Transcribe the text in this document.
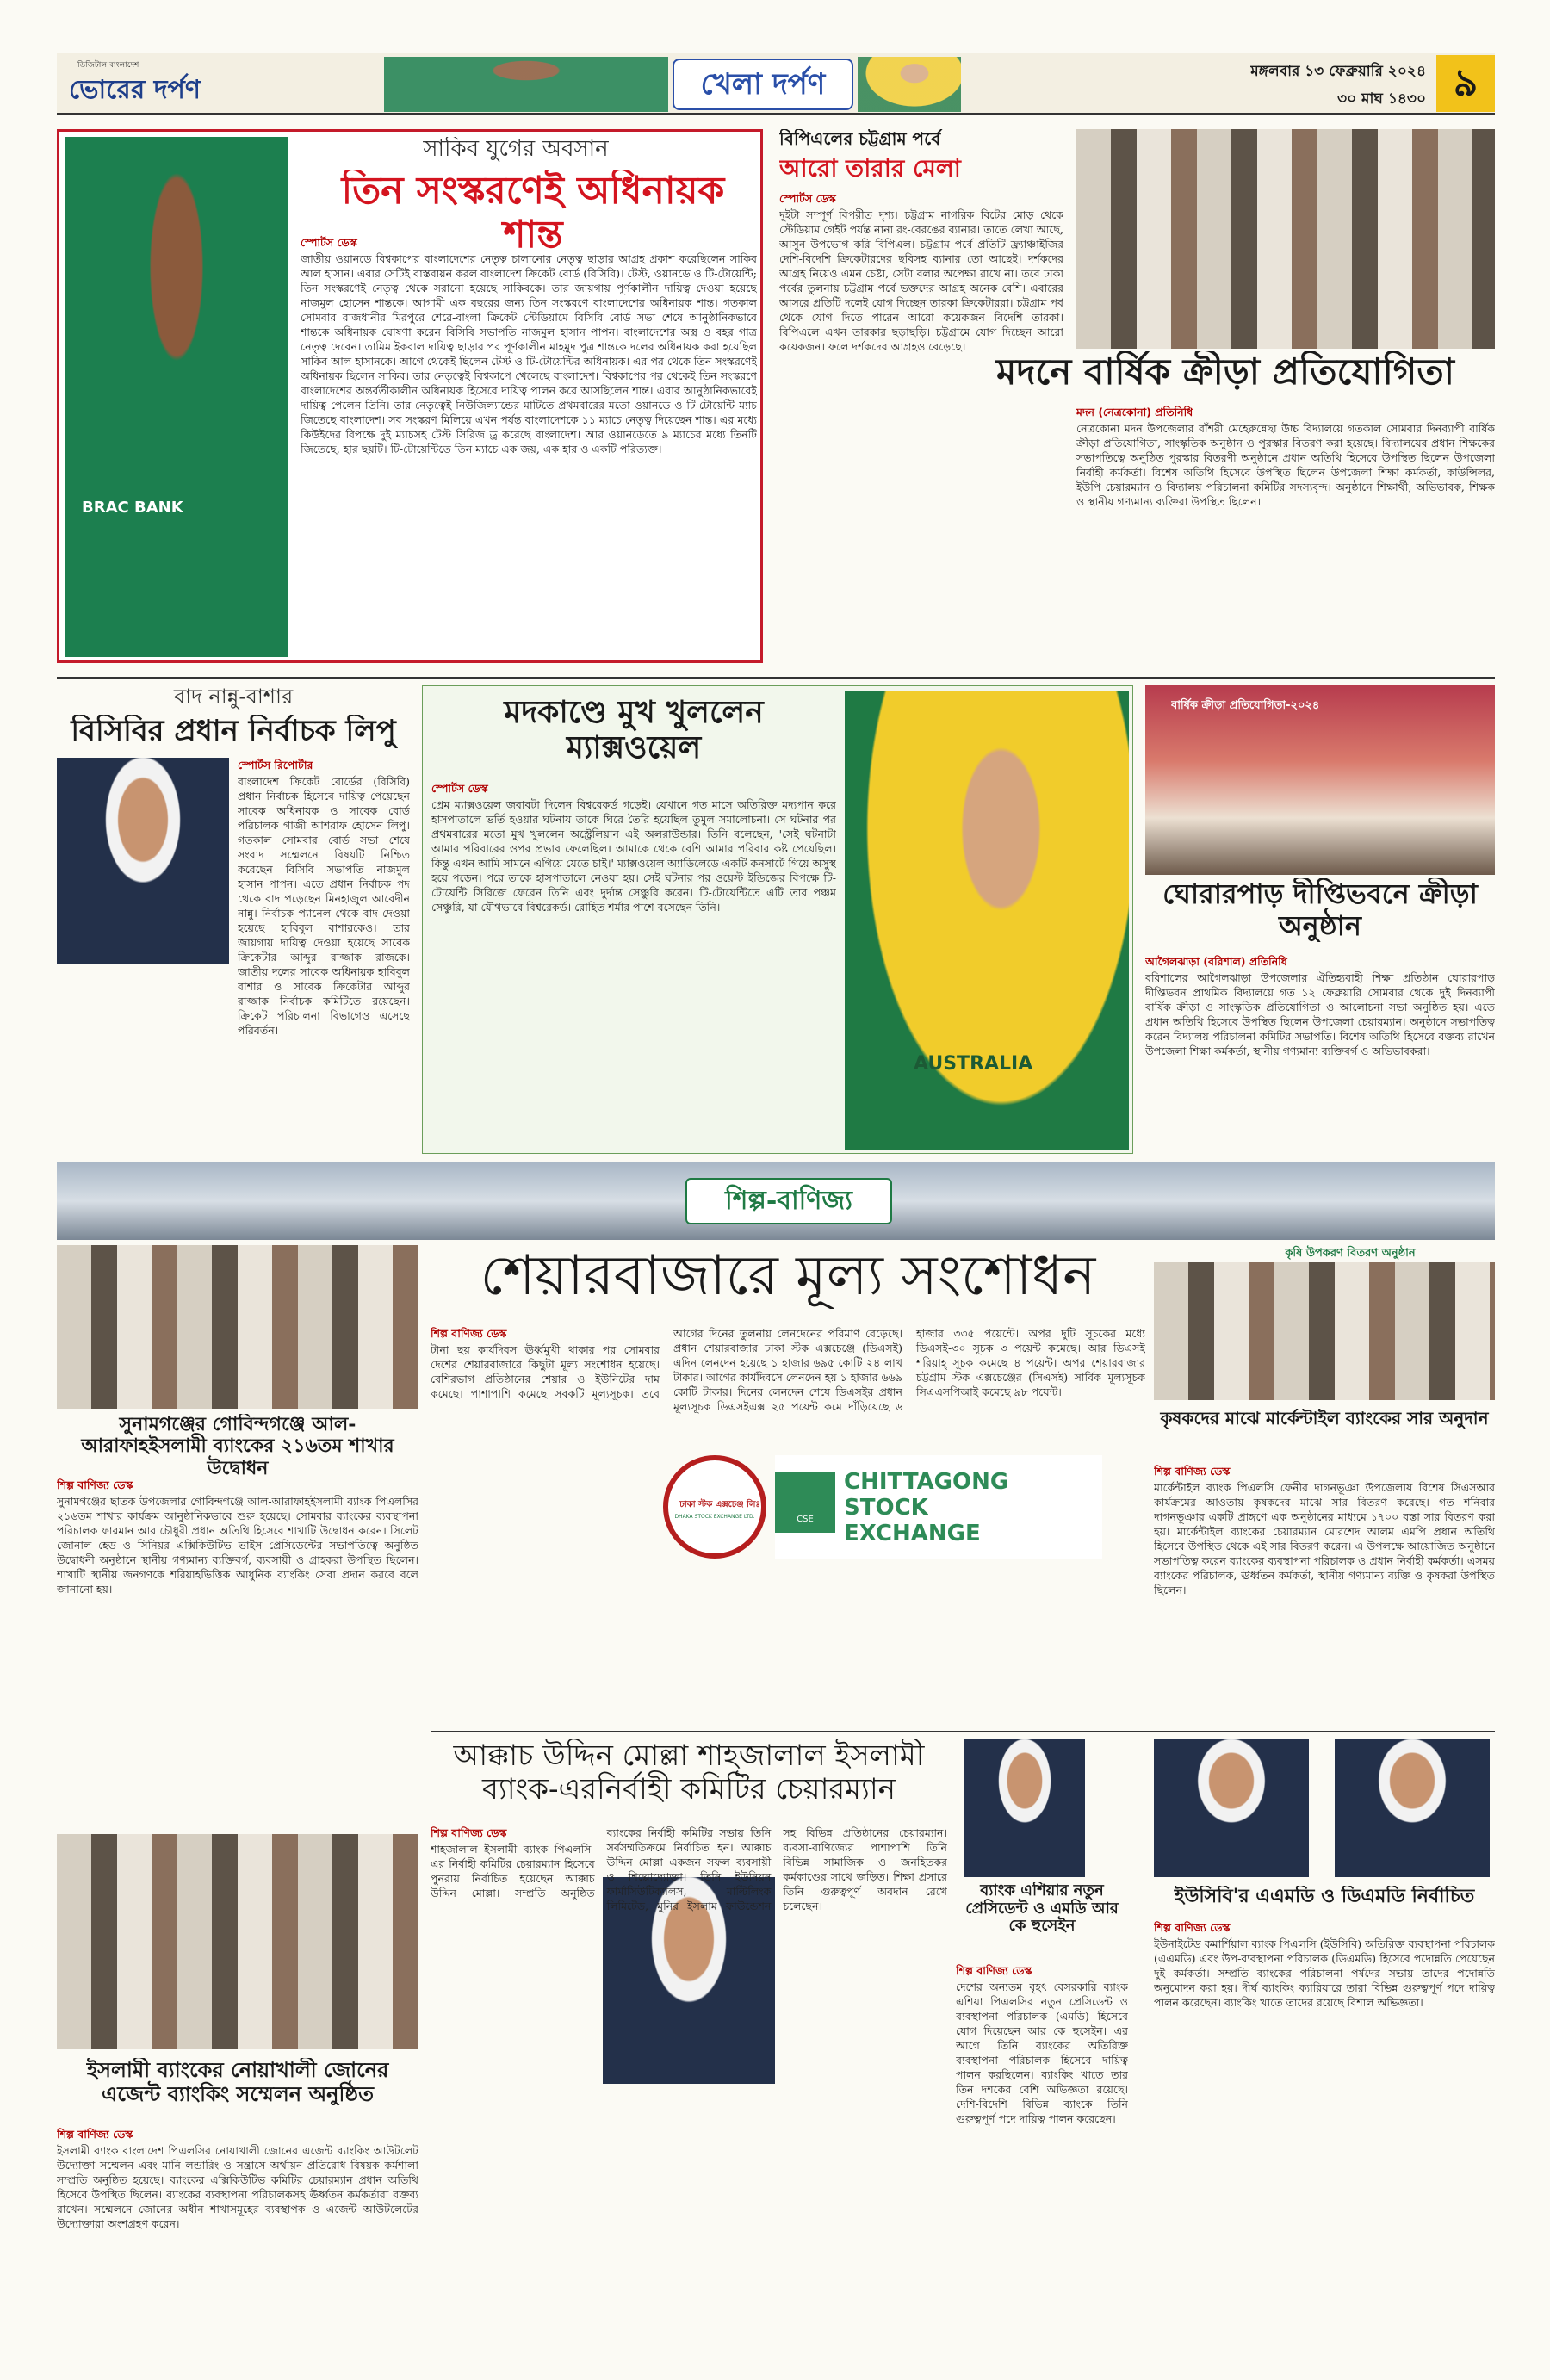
ডিজিটাল বাংলাদেশ
ভোরের দর্পণ	খেলা দর্পণ	মঙ্গলবার ১৩ ফেব্রুয়ারি ২০২৪
৩০ মাঘ ১৪৩০ ৯
BRAC BANK
সাকিব যুগের অবসান
তিন সংস্করণেই অধিনায়ক শান্ত
স্পোর্টস ডেস্ক
জাতীয় ওয়ানডে বিশ্বকাপের বাংলাদেশের নেতৃত্ব চালানোর নেতৃত্ব ছাড়ার আগ্রহ প্রকাশ করেছিলেন সাকিব আল হাসান। এবার সেটিই বাস্তবায়ন করল বাংলাদেশ ক্রিকেট বোর্ড (বিসিবি)। টেস্ট, ওয়ানডে ও টি-টোয়েন্টি; তিন সংস্করণেই নেতৃত্ব থেকে সরানো হয়েছে সাকিবকে। তার জায়গায় পূর্ণকালীন দায়িত্ব দেওয়া হয়েছে নাজমুল হোসেন শান্তকে। আগামী এক বছরের জন্য তিন সংস্করণে বাংলাদেশের অধিনায়ক শান্ত। গতকাল সোমবার রাজধানীর মিরপুরে শেরে-বাংলা ক্রিকেট স্টেডিয়ামে বিসিবি বোর্ড সভা শেষে আনুষ্ঠানিকভাবে শান্তকে অধিনায়ক ঘোষণা করেন বিসিবি সভাপতি নাজমুল হাসান পাপন। বাংলাদেশের অস্ত্র ও বহর গাত্র নেতৃত্ব দেবেন। তামিম ইকবাল দায়িত্ব ছাড়ার পর পূর্ণকালীন মাহমুদ পুত্র শান্তকে দলের অধিনায়ক করা হয়েছিল সাকিব আল হাসানকে। আগে থেকেই ছিলেন টেস্ট ও টি-টোয়েন্টির অধিনায়ক। এর পর থেকে তিন সংস্করণেই অধিনায়ক ছিলেন সাকিব। তার নেতৃত্বেই বিশ্বকাপে খেলেছে বাংলাদেশ। বিশ্বকাপের পর থেকেই তিন সংস্করণে বাংলাদেশের অন্তর্বর্তীকালীন অধিনায়ক হিসেবে দায়িত্ব পালন করে আসছিলেন শান্ত। এবার আনুষ্ঠানিকভাবেই দায়িত্ব পেলেন তিনি। তার নেতৃত্বেই নিউজিল্যান্ডের মাটিতে প্রথমবারের মতো ওয়ানডে ও টি-টোয়েন্টি ম্যাচ জিতেছে বাংলাদেশ। সব সংস্করণ মিলিয়ে এখন পর্যন্ত বাংলাদেশকে ১১ ম্যাচে নেতৃত্ব দিয়েছেন শান্ত। এর মধ্যে কিউইদের বিপক্ষে দুই ম্যাচসহ টেস্ট সিরিজ ড্র করেছে বাংলাদেশ। আর ওয়ানডেতে ৯ ম্যাচের মধ্যে তিনটি জিতেছে, হার ছয়টি। টি-টোয়েন্টিতে তিন ম্যাচে এক জয়, এক হার ও একটি পরিত্যক্ত।
বিপিএলের চট্টগ্রাম পর্বে
আরো তারার মেলা
স্পোর্টস ডেস্ক
দুইটা সম্পূর্ণ বিপরীত দৃশ্য। চট্টগ্রাম নাগরিক বিটের মোড় থেকে স্টেডিয়াম গেইট পর্যন্ত নানা রং-বেরঙের ব্যানার। তাতে লেখা আছে, আসুন উপভোগ করি বিপিএল। চট্টগ্রাম পর্বে প্রতিটি ফ্র্যাঞ্চাইজির দেশি-বিদেশি ক্রিকেটারদের ছবিসহ ব্যানার তো আছেই। দর্শকদের আগ্রহ নিয়েও এমন চেষ্টা, সেটা বলার অপেক্ষা রাখে না। তবে ঢাকা পর্বের তুলনায় চট্টগ্রাম পর্বে ভক্তদের আগ্রহ অনেক বেশি। এবারের আসরে প্রতিটি দলেই যোগ দিচ্ছেন তারকা ক্রিকেটাররা। চট্টগ্রাম পর্ব থেকে যোগ দিতে পারেন আরো কয়েকজন বিদেশি তারকা। বিপিএলে এখন তারকার ছড়াছড়ি। চট্টগ্রামে যোগ দিচ্ছেন আরো কয়েকজন। ফলে দর্শকদের আগ্রহও বেড়েছে।
মদনে বার্ষিক ক্রীড়া প্রতিযোগিতা
মদন (নেত্রকোনা) প্রতিনিধি
নেত্রকোনা মদন উপজেলার বাঁশরী মেহেরুন্নেছা উচ্চ বিদ্যালয়ে গতকাল সোমবার দিনব্যাপী বার্ষিক ক্রীড়া প্রতিযোগিতা, সাংস্কৃতিক অনুষ্ঠান ও পুরস্কার বিতরণ করা হয়েছে। বিদ্যালয়ের প্রধান শিক্ষকের সভাপতিত্বে অনুষ্ঠিত পুরস্কার বিতরণী অনুষ্ঠানে প্রধান অতিথি হিসেবে উপস্থিত ছিলেন উপজেলা নির্বাহী কর্মকর্তা। বিশেষ অতিথি হিসেবে উপস্থিত ছিলেন উপজেলা শিক্ষা কর্মকর্তা, কাউন্সিলর, ইউপি চেয়ারম্যান ও বিদ্যালয় পরিচালনা কমিটির সদস্যবৃন্দ। অনুষ্ঠানে শিক্ষার্থী, অভিভাবক, শিক্ষক ও স্থানীয় গণ্যমান্য ব্যক্তিরা উপস্থিত ছিলেন।
বাদ নান্নু-বাশার
বিসিবির প্রধান নির্বাচক লিপু
স্পোর্টস রিপোর্টার
বাংলাদেশ ক্রিকেট বোর্ডের (বিসিবি) প্রধান নির্বাচক হিসেবে দায়িত্ব পেয়েছেন সাবেক অধিনায়ক ও সাবেক বোর্ড পরিচালক গাজী আশরাফ হোসেন লিপু। গতকাল সোমবার বোর্ড সভা শেষে সংবাদ সম্মেলনে বিষয়টি নিশ্চিত করেছেন বিসিবি সভাপতি নাজমুল হাসান পাপন। এতে প্রধান নির্বাচক পদ থেকে বাদ পড়েছেন মিনহাজুল আবেদীন নান্নু। নির্বাচক প্যানেল থেকে বাদ দেওয়া হয়েছে হাবিবুল বাশারকেও। তার জায়গায় দায়িত্ব দেওয়া হয়েছে সাবেক ক্রিকেটার আব্দুর রাজ্জাক রাজকে। জাতীয় দলের সাবেক অধিনায়ক হাবিবুল বাশার ও সাবেক ক্রিকেটার আব্দুর রাজ্জাক নির্বাচক কমিটিতে রয়েছেন। ক্রিকেট পরিচালনা বিভাগেও এসেছে পরিবর্তন।
মদকাণ্ডে মুখ খুললেন ম্যাক্সওয়েল
AUSTRALIA
স্পোর্টস ডেস্ক
প্রেম ম্যাক্সওয়েল জবাবটা দিলেন বিশ্বরেকর্ড গড়েই। যেখানে গত মাসে অতিরিক্ত মদ্যপান করে হাসপাতালে ভর্তি হওয়ার ঘটনায় তাকে ঘিরে তৈরি হয়েছিল তুমুল সমালোচনা। সে ঘটনার পর প্রথমবারের মতো মুখ খুললেন অস্ট্রেলিয়ান এই অলরাউন্ডার। তিনি বলেছেন, 'সেই ঘটনাটা আমার পরিবারের ওপর প্রভাব ফেলেছিল। আমাকে থেকে বেশি আমার পরিবার কষ্ট পেয়েছিল। কিন্তু এখন আমি সামনে এগিয়ে যেতে চাই।' ম্যাক্সওয়েল অ্যাডিলেডে একটি কনসার্টে গিয়ে অসুস্থ হয়ে পড়েন। পরে তাকে হাসপাতালে নেওয়া হয়। সেই ঘটনার পর ওয়েস্ট ইন্ডিজের বিপক্ষে টি-টোয়েন্টি সিরিজে ফেরেন তিনি এবং দুর্দান্ত সেঞ্চুরি করেন। টি-টোয়েন্টিতে এটি তার পঞ্চম সেঞ্চুরি, যা যৌথভাবে বিশ্বরেকর্ড। রোহিত শর্মার পাশে বসেছেন তিনি।
বার্ষিক ক্রীড়া প্রতিযোগিতা-২০২৪
ঘোরারপাড় দীপ্তিভবনে ক্রীড়া অনুষ্ঠান
আগৈলঝাড়া (বরিশাল) প্রতিনিধি
বরিশালের আগৈলঝাড়া উপজেলার ঐতিহ্যবাহী শিক্ষা প্রতিষ্ঠান ঘোরারপাড় দীপ্তিভবন প্রাথমিক বিদ্যালয়ে গত ১২ ফেব্রুয়ারি সোমবার থেকে দুই দিনব্যাপী বার্ষিক ক্রীড়া ও সাংস্কৃতিক প্রতিযোগিতা ও আলোচনা সভা অনুষ্ঠিত হয়। এতে প্রধান অতিথি হিসেবে উপস্থিত ছিলেন উপজেলা চেয়ারম্যান। অনুষ্ঠানে সভাপতিত্ব করেন বিদ্যালয় পরিচালনা কমিটির সভাপতি। বিশেষ অতিথি হিসেবে বক্তব্য রাখেন উপজেলা শিক্ষা কর্মকর্তা, স্থানীয় গণ্যমান্য ব্যক্তিবর্গ ও অভিভাবকরা।
শিল্প-বাণিজ্য
সুনামগঞ্জের গোবিন্দগঞ্জে আল-আরাফাহইসলামী ব্যাংকের ২১৬তম শাখার উদ্বোধন
শিল্প বাণিজ্য ডেস্ক
সুনামগঞ্জের ছাতক উপজেলার গোবিন্দগঞ্জে আল-আরাফাহইসলামী ব্যাংক পিএলসির ২১৬তম শাখার কার্যক্রম আনুষ্ঠানিকভাবে শুরু হয়েছে। সোমবার ব্যাংকের ব্যবস্থাপনা পরিচালক ফারমান আর চৌধুরী প্রধান অতিথি হিসেবে শাখাটি উদ্বোধন করেন। সিলেট জোনাল হেড ও সিনিয়র এক্সিকিউটিভ ভাইস প্রেসিডেন্টের সভাপতিত্বে অনুষ্ঠিত উদ্বোধনী অনুষ্ঠানে স্থানীয় গণ্যমান্য ব্যক্তিবর্গ, ব্যবসায়ী ও গ্রাহকরা উপস্থিত ছিলেন। শাখাটি স্থানীয় জনগণকে শরিয়াহভিত্তিক আধুনিক ব্যাংকিং সেবা প্রদান করবে বলে জানানো হয়।
শেয়ারবাজারে মূল্য সংশোধন
শিল্প বাণিজ্য ডেস্ক
টানা ছয় কার্যদিবস ঊর্ধ্বমুখী থাকার পর সোমবার দেশের শেয়ারবাজারে কিছুটা মূল্য সংশোধন হয়েছে। বেশিরভাগ প্রতিষ্ঠানের শেয়ার ও ইউনিটের দাম কমেছে। পাশাপাশি কমেছে সবকটি মূল্যসূচক। তবে আগের দিনের তুলনায় লেনদেনের পরিমাণ বেড়েছে। প্রধান শেয়ারবাজার ঢাকা স্টক এক্সচেঞ্জে (ডিএসই) এদিন লেনদেন হয়েছে ১ হাজার ৬৯৫ কোটি ২৪ লাখ টাকার। আগের কার্যদিবসে লেনদেন হয় ১ হাজার ৬৬৯ কোটি টাকার। দিনের লেনদেন শেষে ডিএসইর প্রধান মূল্যসূচক ডিএসইএক্স ২৫ পয়েন্ট কমে দাঁড়িয়েছে ৬ হাজার ৩৩৫ পয়েন্টে। অপর দুটি সূচকের মধ্যে ডিএসই-৩০ সূচক ৩ পয়েন্ট কমেছে। আর ডিএসই শরিয়াহ্ সূচক কমেছে ৪ পয়েন্ট। অপর শেয়ারবাজার চট্টগ্রাম স্টক এক্সচেঞ্জের (সিএসই) সার্বিক মূল্যসূচক সিএএসপিআই কমেছে ৯৮ পয়েন্ট।
ঢাকা স্টক এক্সচেঞ্জ লিঃ
DHAKA STOCK EXCHANGE LTD.	CSE
CHITTAGONG
STOCK
EXCHANGE
কৃষি উপকরণ বিতরণ অনুষ্ঠান
কৃষকদের মাঝে মার্কেন্টাইল ব্যাংকের সার অনুদান
শিল্প বাণিজ্য ডেস্ক
মার্কেন্টাইল ব্যাংক পিএলসি ফেনীর দাগনভূঞা উপজেলায় বিশেষ সিএসআর কার্যক্রমের আওতায় কৃষকদের মাঝে সার বিতরণ করেছে। গত শনিবার দাগনভূঞার একটি প্রাঙ্গণে এক অনুষ্ঠানের মাধ্যমে ১৭০০ বস্তা সার বিতরণ করা হয়। মার্কেন্টাইল ব্যাংকের চেয়ারম্যান মোরশেদ আলম এমপি প্রধান অতিথি হিসেবে উপস্থিত থেকে এই সার বিতরণ করেন। এ উপলক্ষে আয়োজিত অনুষ্ঠানে সভাপতিত্ব করেন ব্যাংকের ব্যবস্থাপনা পরিচালক ও প্রধান নির্বাহী কর্মকর্তা। এসময় ব্যাংকের পরিচালক, ঊর্ধ্বতন কর্মকর্তা, স্থানীয় গণ্যমান্য ব্যক্তি ও কৃষকরা উপস্থিত ছিলেন।
আক্কাচ উদ্দিন মোল্লা শাহজালাল ইসলামী ব্যাংক-এরনির্বাহী কমিটির চেয়ারম্যান
শিল্প বাণিজ্য ডেস্ক
শাহজালাল ইসলামী ব্যাংক পিএলসি-এর নির্বাহী কমিটির চেয়ারম্যান হিসেবে পুনরায় নির্বাচিত হয়েছেন আক্কাচ উদ্দিন মোল্লা। সম্প্রতি অনুষ্ঠিত ব্যাংকের নির্বাহী কমিটির সভায় তিনি সর্বসম্মতিক্রমে নির্বাচিত হন। আক্কাচ উদ্দিন মোল্লা একজন সফল ব্যবসায়ী ও শিল্পোদ্যোক্তা। তিনি ইউনিয়ন ফার্মাসিউটিক্যালস, মাল্টিলিংক লিমিটেড, মুনির ইসলাম ফাউন্ডেশন সহ বিভিন্ন প্রতিষ্ঠানের চেয়ারম্যান। ব্যবসা-বাণিজ্যের পাশাপাশি তিনি বিভিন্ন সামাজিক ও জনহিতকর কর্মকাণ্ডের সাথে জড়িত। শিক্ষা প্রসারে তিনি গুরুত্বপূর্ণ অবদান রেখে চলেছেন।
ইসলামী ব্যাংকের নোয়াখালী জোনের এজেন্ট ব্যাংকিং সম্মেলন অনুষ্ঠিত
শিল্প বাণিজ্য ডেস্ক
ইসলামী ব্যাংক বাংলাদেশ পিএলসির নোয়াখালী জোনের এজেন্ট ব্যাংকিং আউটলেট উদ্যোক্তা সম্মেলন এবং মানি লন্ডারিং ও সন্ত্রাসে অর্থায়ন প্রতিরোধ বিষয়ক কর্মশালা সম্প্রতি অনুষ্ঠিত হয়েছে। ব্যাংকের এক্সিকিউটিভ কমিটির চেয়ারম্যান প্রধান অতিথি হিসেবে উপস্থিত ছিলেন। ব্যাংকের ব্যবস্থাপনা পরিচালকসহ ঊর্ধ্বতন কর্মকর্তারা বক্তব্য রাখেন। সম্মেলনে জোনের অধীন শাখাসমূহের ব্যবস্থাপক ও এজেন্ট আউটলেটের উদ্যোক্তারা অংশগ্রহণ করেন।
ব্যাংক এশিয়ার নতুন প্রেসিডেন্ট ও এমডি আর কে হুসেইন
শিল্প বাণিজ্য ডেস্ক
দেশের অন্যতম বৃহৎ বেসরকারি ব্যাংক এশিয়া পিএলসির নতুন প্রেসিডেন্ট ও ব্যবস্থাপনা পরিচালক (এমডি) হিসেবে যোগ দিয়েছেন আর কে হুসেইন। এর আগে তিনি ব্যাংকের অতিরিক্ত ব্যবস্থাপনা পরিচালক হিসেবে দায়িত্ব পালন করছিলেন। ব্যাংকিং খাতে তার তিন দশকের বেশি অভিজ্ঞতা রয়েছে। দেশি-বিদেশি বিভিন্ন ব্যাংকে তিনি গুরুত্বপূর্ণ পদে দায়িত্ব পালন করেছেন।
ইউসিবি'র এএমডি ও ডিএমডি নির্বাচিত
শিল্প বাণিজ্য ডেস্ক
ইউনাইটেড কমার্শিয়াল ব্যাংক পিএলসি (ইউসিবি) অতিরিক্ত ব্যবস্থাপনা পরিচালক (এএমডি) এবং উপ-ব্যবস্থাপনা পরিচালক (ডিএমডি) হিসেবে পদোন্নতি পেয়েছেন দুই কর্মকর্তা। সম্প্রতি ব্যাংকের পরিচালনা পর্ষদের সভায় তাদের পদোন্নতি অনুমোদন করা হয়। দীর্ঘ ব্যাংকিং ক্যারিয়ারে তারা বিভিন্ন গুরুত্বপূর্ণ পদে দায়িত্ব পালন করেছেন। ব্যাংকিং খাতে তাদের রয়েছে বিশাল অভিজ্ঞতা।
